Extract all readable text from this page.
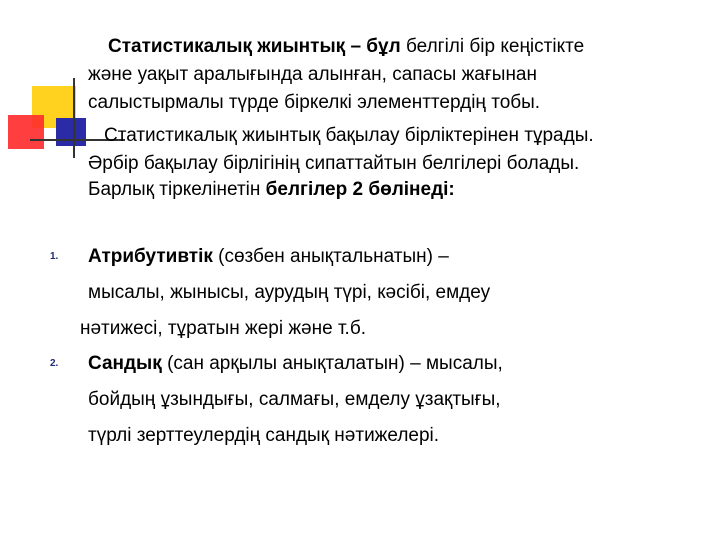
Статистикалық жиынтық – бұл белгілі бір кеңістікте

және уақыт аралығында алынған, сапасы жағынан

салыстырмалы түрде біркелкі элементтердің тобы.

Статистикалық жиынтық бақылау бірліктерінен тұрады.

Әрбір бақылау бірлігінің сипаттайтын белгілері болады.

Барлық тіркелінетін белгілер 2 бөлінеді:

1. Атрибутивтік (сөзбен анықтальнатын) –

мысалы, жынысы, аурудың түрі, кәсібі, емдеу

нәтижесі, тұратын жері және т.б.

2. Сандық (сан арқылы анықталатын) – мысалы,

бойдың ұзындығы, салмағы, емделу ұзақтығы,

түрлі зерттеулердің сандық нәтижелері.
